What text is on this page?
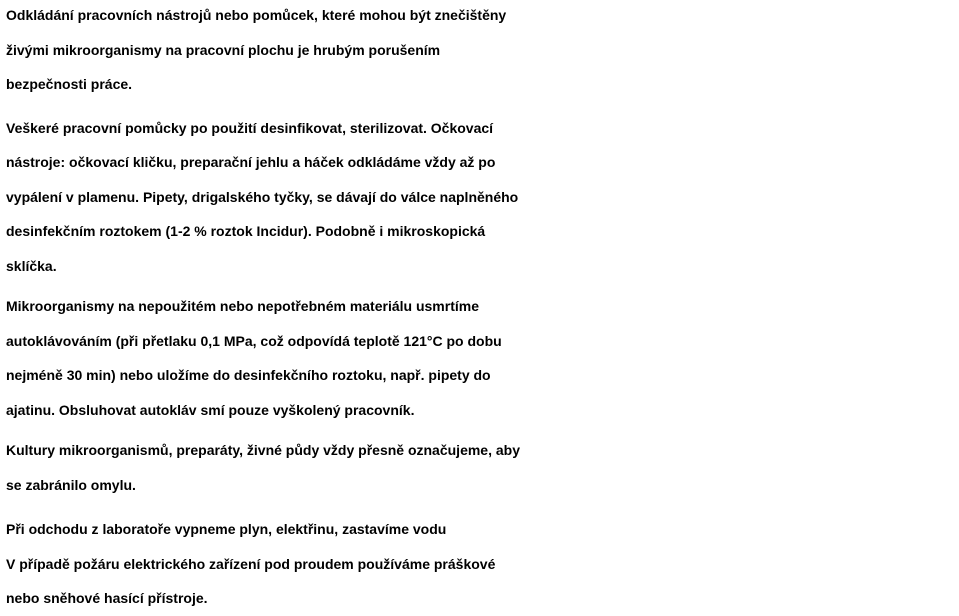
Odkládání pracovních nástrojů nebo pomůcek, které mohou být znečištěny
živými mikroorganismy na pracovní plochu je hrubým porušením
bezpečnosti práce.

Veškeré pracovní pomůcky po použití desinfikovat, sterilizovat. Očkovací
nástroje: očkovací kličku, preparační jehlu a háček odkládáme vždy až po
vypálení v plamenu. Pipety, drigalského tyčky, se dávají do válce naplněného
desinfekčním roztokem (1-2 % roztok Incidur). Podobně i mikroskopická
sklíčka.

Mikroorganismy na nepoužitém nebo nepotřebném materiálu usmrtíme
autoklávováním (při přetlaku 0,1 MPa, což odpovídá teplotě 121°C po dobu
nejméně 30 min) nebo uložíme do desinfekčního roztoku, např. pipety do
ajatinu. Obsluhovat autokláv smí pouze vyškolený pracovník.

Kultury mikroorganismů, preparáty, živné půdy vždy přesně označujeme, aby
se zabránilo omylu.

Při odchodu z laboratoře vypneme plyn, elektřinu, zastavíme vodu
V případě požáru elektrického zařízení pod proudem používáme práškové
nebo sněhové hasící přístroje.
